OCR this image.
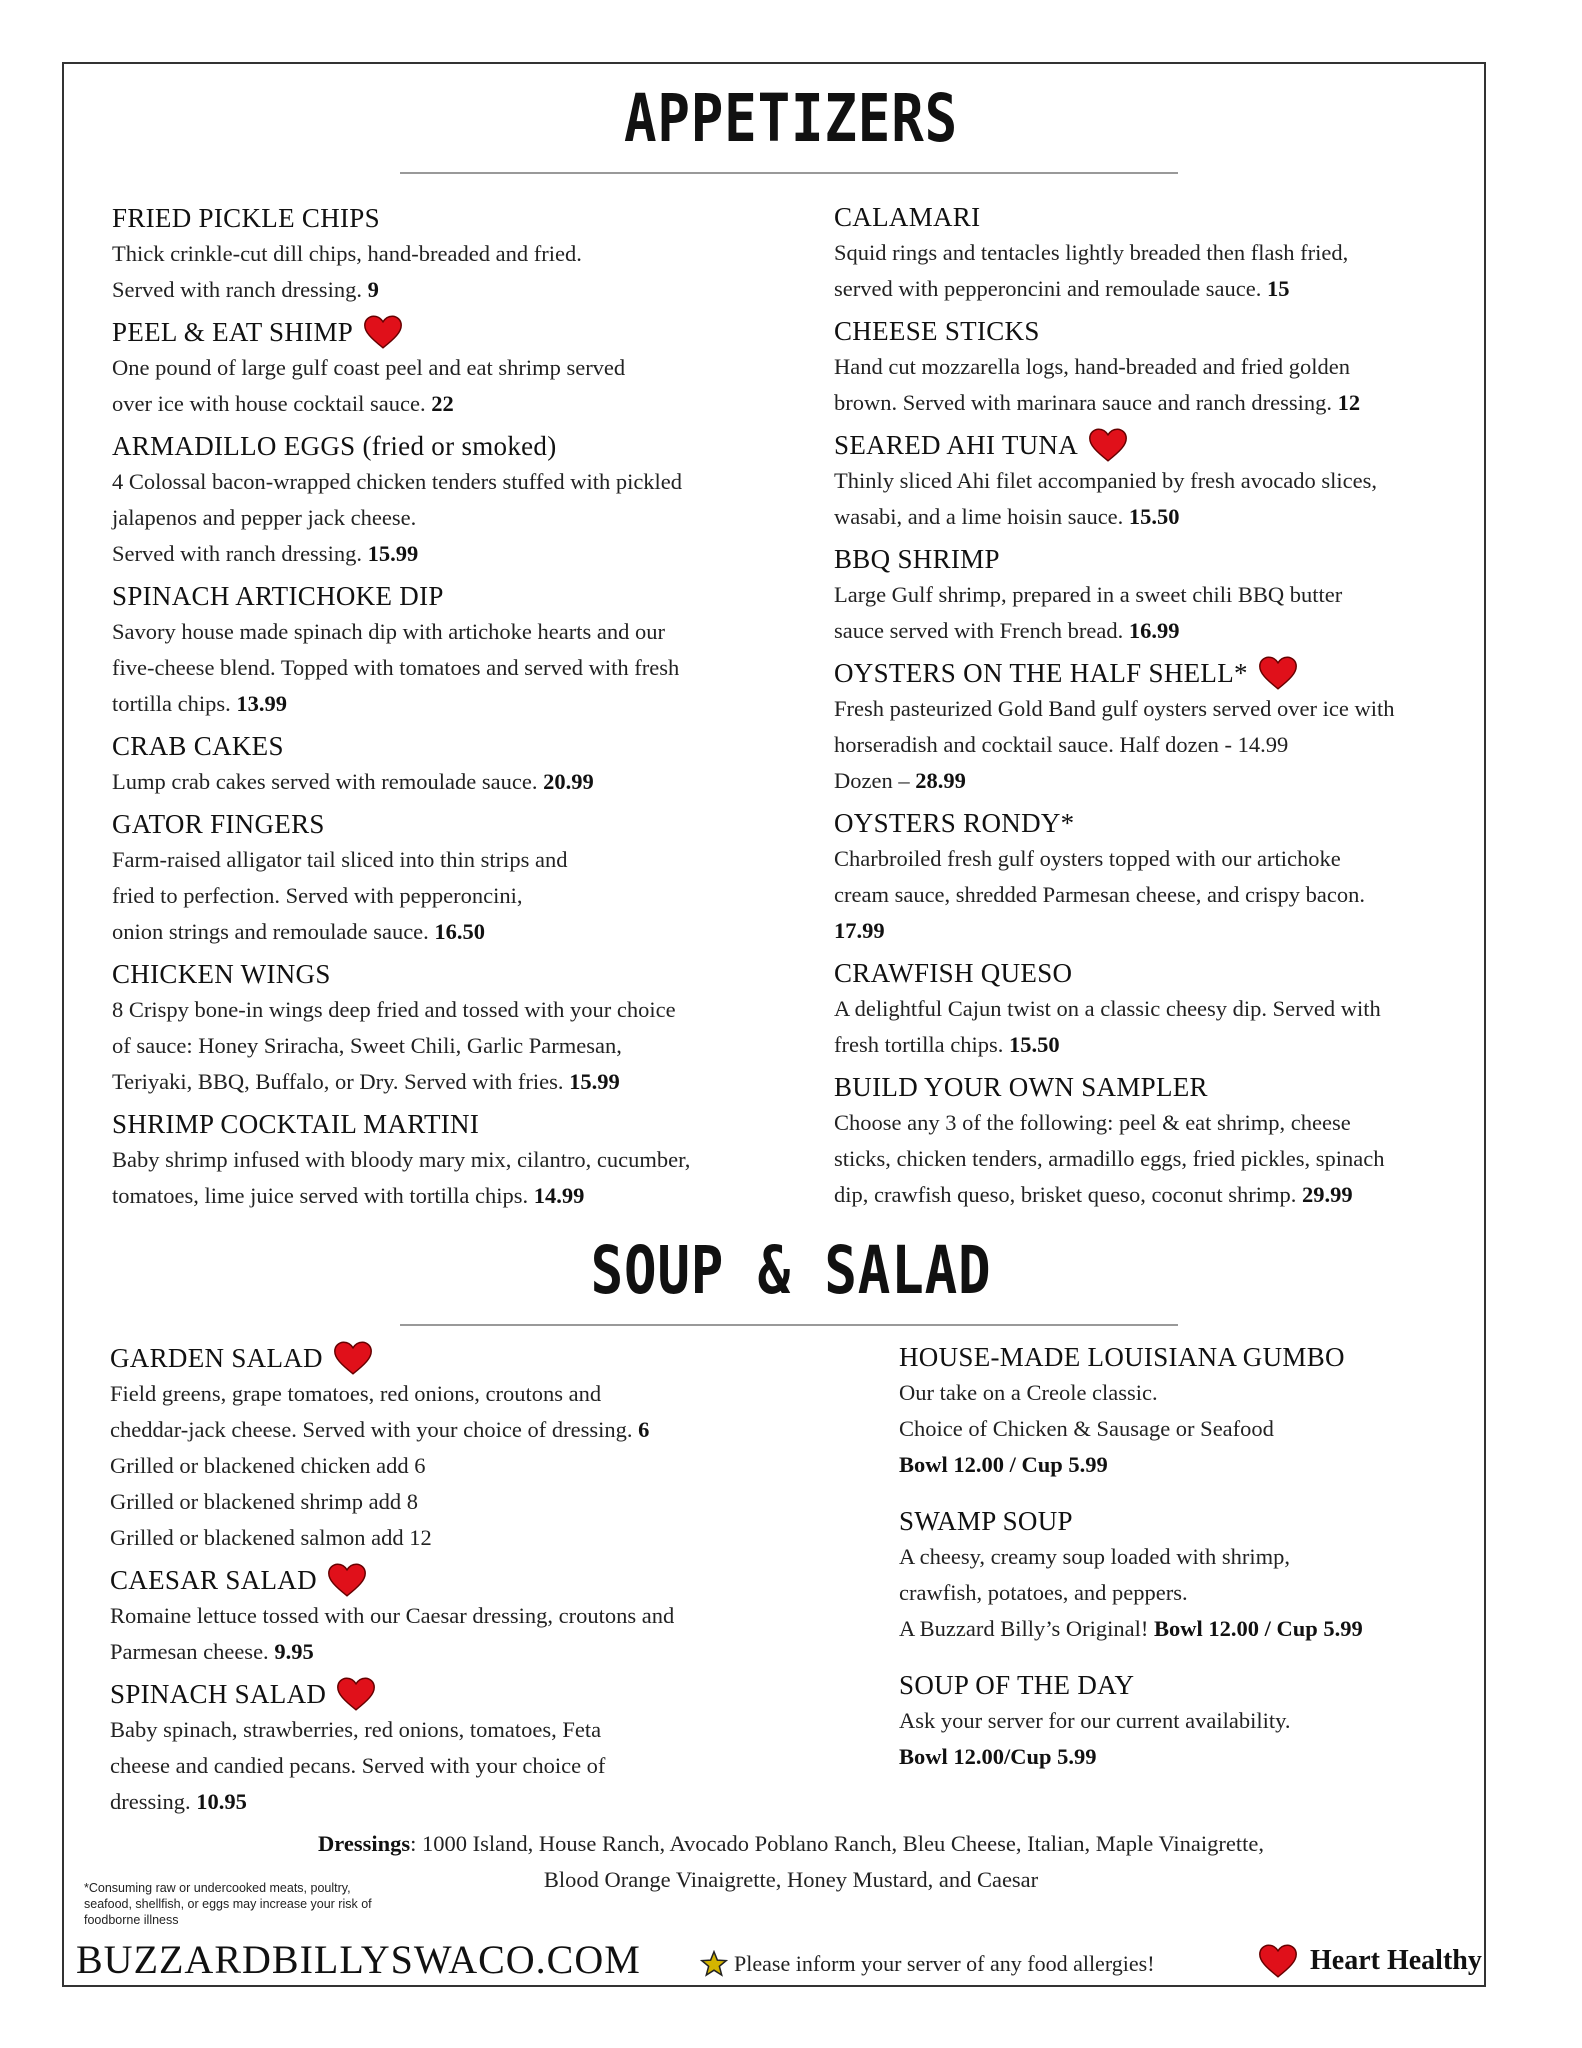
APPETIZERS
FRIED PICKLE CHIPS
Thick crinkle-cut dill chips, hand-breaded and fried.
Served with ranch dressing. 9
PEEL & EAT SHIMP
One pound of large gulf coast peel and eat shrimp served
over ice with house cocktail sauce. 22
ARMADILLO EGGS (fried or smoked)
4 Colossal bacon-wrapped chicken tenders stuffed with pickled
jalapenos and pepper jack cheese.
Served with ranch dressing. 15.99
SPINACH ARTICHOKE DIP
Savory house made spinach dip with artichoke hearts and our
five-cheese blend. Topped with tomatoes and served with fresh
tortilla chips. 13.99
CRAB CAKES
Lump crab cakes served with remoulade sauce. 20.99
GATOR FINGERS
Farm-raised alligator tail sliced into thin strips and
fried to perfection. Served with pepperoncini,
onion strings and remoulade sauce. 16.50
CHICKEN WINGS
8 Crispy bone-in wings deep fried and tossed with your choice
of sauce: Honey Sriracha, Sweet Chili, Garlic Parmesan,
Teriyaki, BBQ, Buffalo, or Dry. Served with fries. 15.99
SHRIMP COCKTAIL MARTINI
Baby shrimp infused with bloody mary mix, cilantro, cucumber,
tomatoes, lime juice served with tortilla chips. 14.99
CALAMARI
Squid rings and tentacles lightly breaded then flash fried,
served with pepperoncini and remoulade sauce. 15
CHEESE STICKS
Hand cut mozzarella logs, hand-breaded and fried golden
brown. Served with marinara sauce and ranch dressing. 12
SEARED AHI TUNA
Thinly sliced Ahi filet accompanied by fresh avocado slices,
wasabi, and a lime hoisin sauce. 15.50
BBQ SHRIMP
Large Gulf shrimp, prepared in a sweet chili BBQ butter
sauce served with French bread. 16.99
OYSTERS ON THE HALF SHELL*
Fresh pasteurized Gold Band gulf oysters served over ice with
horseradish and cocktail sauce. Half dozen - 14.99
Dozen – 28.99
OYSTERS RONDY*
Charbroiled fresh gulf oysters topped with our artichoke
cream sauce, shredded Parmesan cheese, and crispy bacon.
17.99
CRAWFISH QUESO
A delightful Cajun twist on a classic cheesy dip. Served with
fresh tortilla chips. 15.50
BUILD YOUR OWN SAMPLER
Choose any 3 of the following: peel & eat shrimp, cheese
sticks, chicken tenders, armadillo eggs, fried pickles, spinach
dip, crawfish queso, brisket queso, coconut shrimp. 29.99
SOUP & SALAD
GARDEN SALAD
Field greens, grape tomatoes, red onions, croutons and
cheddar-jack cheese. Served with your choice of dressing. 6
Grilled or blackened chicken add 6
Grilled or blackened shrimp add 8
Grilled or blackened salmon add 12
CAESAR SALAD
Romaine lettuce tossed with our Caesar dressing, croutons and
Parmesan cheese. 9.95
SPINACH SALAD
Baby spinach, strawberries, red onions, tomatoes, Feta
cheese and candied pecans. Served with your choice of
dressing. 10.95
HOUSE-MADE LOUISIANA GUMBO
Our take on a Creole classic.
Choice of Chicken & Sausage or Seafood
Bowl 12.00 / Cup 5.99
SWAMP SOUP
A cheesy, creamy soup loaded with shrimp,
crawfish, potatoes, and peppers.
A Buzzard Billy’s Original! Bowl 12.00 / Cup 5.99
SOUP OF THE DAY
Ask your server for our current availability.
Bowl 12.00/Cup 5.99
Dressings: 1000 Island, House Ranch, Avocado Poblano Ranch, Bleu Cheese, Italian, Maple Vinaigrette,
Blood Orange Vinaigrette, Honey Mustard, and Caesar
*Consuming raw or undercooked meats, poultry, seafood, shellfish, or eggs may increase your risk of foodborne illness
BUZZARDBILLYSWACO.COM	Please inform your server of any food allergies!	Heart Healthy
